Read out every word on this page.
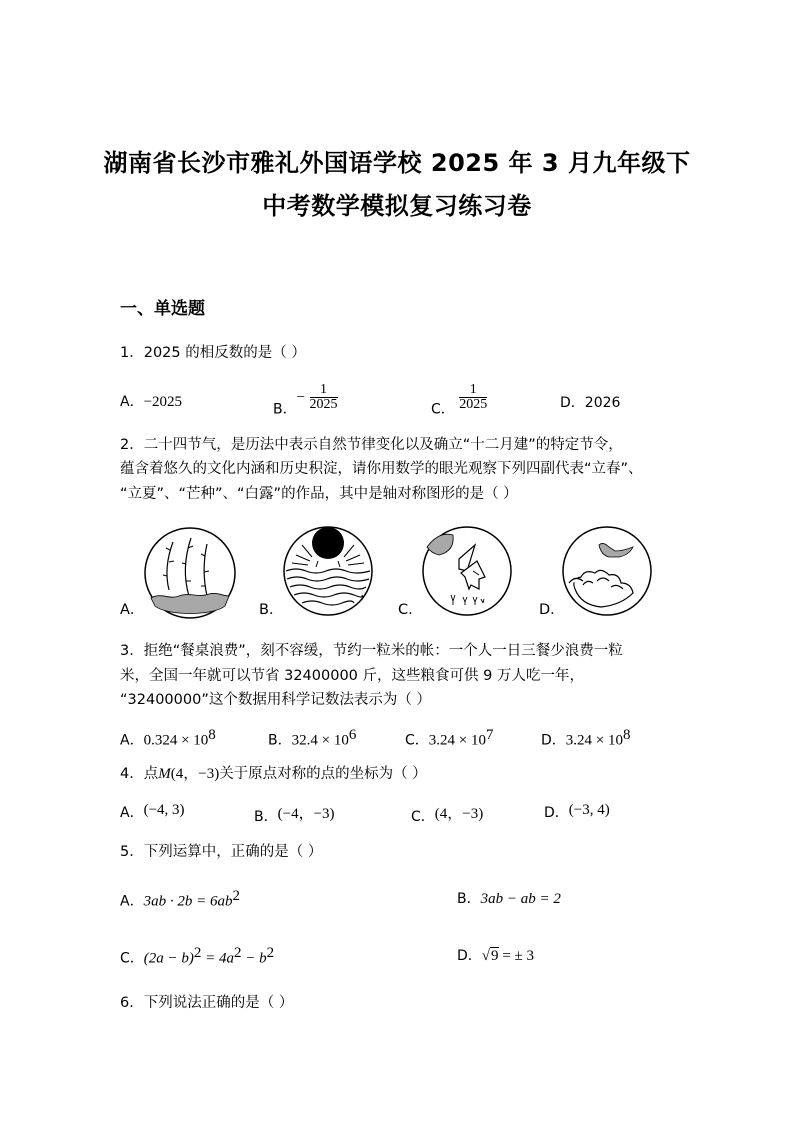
湖南省长沙市雅礼外国语学校 2025 年 3 月九年级下
中考数学模拟复习练习卷
一、单选题
1．2025 的相反数的是（ ）
A．−2025	B．− $\frac{1}{2025}$	C． $\frac{1}{2025}$	D．2026
2．二十四节气，是历法中表示自然节律变化以及确立“十二月建”的特定节令，
蕴含着悠久的文化内涵和历史积淀，请你用数学的眼光观察下列四副代表“立春”、
“立夏”、“芒种”、“白露”的作品，其中是轴对称图形的是（ ）
A．	B．	C．	D．
3．拒绝“餐桌浪费”，刻不容缓，节约一粒米的帐：一个人一日三餐少浪费一粒
米，全国一年就可以节省 32400000 斤，这些粮食可供 9 万人吃一年，
“32400000”这个数据用科学记数法表示为（ ）
A．$0.324 \times 10^8$	B．$32.4 \times 10^6$	C．$3.24 \times 10^7$	D．$3.24 \times 10^8$
4．点M(4，−3)关于原点对称的点的坐标为（ ）
A．(−4, 3)	B．(−4，−3)	C．(4，−3)	D．(−3, 4)
5．下列运算中，正确的是（ ）
A．$3ab \cdot 2b = 6ab^2$	B．3ab − ab = 2
C．$(2a - b)^2 = 4a^2 - b^2$	D．√9 = ± 3
6．下列说法正确的是（ ）
